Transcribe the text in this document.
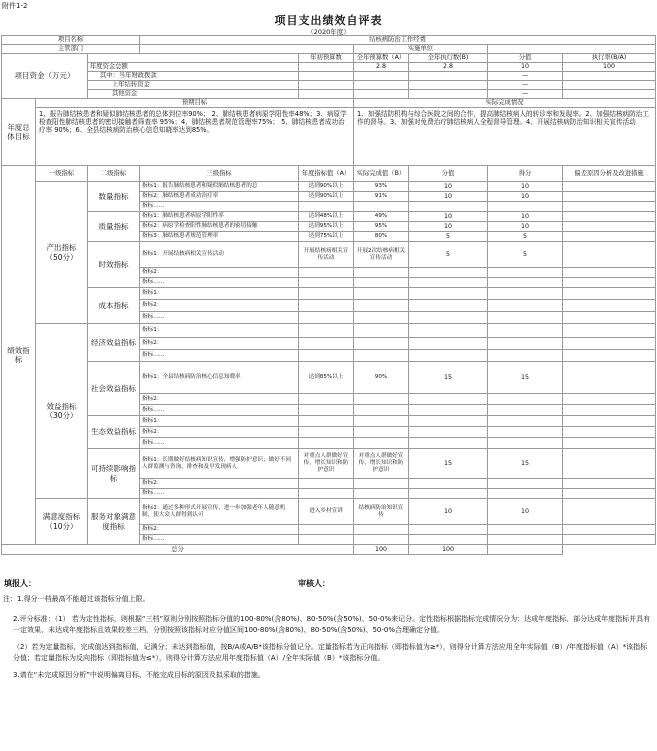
附件1-2
项目支出绩效自评表
（2020年度）
项目名称			结核病防治工作经费					
主管部门					实施单位			
项目资金（万元）				年初预算数	全年预算数（A）	全年执行数(B)	分值	执行率(B/A)
		年度资金总额			2.8	2.8	10	100
		其中：当年财政拨款					—	
		上年结转资金					—	
		其他资金					—	
年度总体目标	预期目标				实际完成情况			
	1、报告肺结核患者和疑似肺结核患者的总体到位率90%； 2、肺结核患者病原学阳性率48%；3、病原学检查阳性肺结核患者的密切接触者筛查率 95%；4、肺结核患者规范管理率75%； 5、肺结核患者成功治疗率 90%；6、全县结核病防治核心信息知晓率达到85%。				1、加强结防机构与综合医院之间的合作，提高肺结核病人的转诊率和发现率。2、加强结核病防治工作的督导。3、加强对免费治疗肺结核病人全程督导管理。4、开展结核病防治知识相关宣传活动			
绩效指标	一级指标	二级指标	三级指标	年度指标值（A）	实际完成值（B）	分值	得分	偏差原因分析及改进措施
	产出指标（50分）	数量指标	指标1：报告肺结核患者和疑似肺结核患者的总	达到90%以上	93%	10	10	
			指标2：肺结核患者成功治疗率	达到90%以上	91%	10	10	
			指标……					
		质量指标	指标1：肺结核患者病原学阳性率	达到48%以上	49%	10	10	
			指标2：病原学检查阳性肺结核患者的密切接触	达到95%以上	95%	10	10	
			指标3：肺结核患者规范管理率	达到75%以上	80%	5	5	
		时效指标	指标1：开展结核病相关宣传活动	开展结核病相关宣传活动	开展2次结核病相关宣传活动	5	5	
			指标2：					
			指标……					
		成本指标	指标1：					
			指标2：					
			指标……					
	效益指标（30分）	经济效益指标	指标1：					
			指标2：					
			指标……					
		社会效益指标	指标1：全县结核病防治核心信息知晓率	达到85%以上	90%	15	15	
			指标2：					
			指标……					
		生态效益指标	指标1：					
			指标2：					
			指标……					
		可持续影响指标	指标1：长期做好结核病知识宣传，增强防护意识；做好不同人群监测与咨询，排查和及早发现病人	对重点人群做好宣传，增长知识和防护意识	对重点人群做好宣传，增长知识和防护意识	15	15	
			指标2：					
			指标……					
	满意度指标（10分）	服务对象满意度指标	指标1：通过多种形式开展宣传，进一步加强老年人随意机制，使大众人群得到认可	进入乡村宣讲	结核病防治知识宣传	10	10	
			指标2：					
			指标……					
总分					100	100		
填报人：	审核人：

注：1.得分一档最高不能超过该指标分值上限。

2.评分标准：（1） 若为定性指标，则根据“三档”原则分别按照指标分值的100-80%(含80%)、80-50%(含50%)、50-0%来记分。定性指标根据指标完成情况分为：达成年度指标、部分达成年度指标并具有一定效果、未达成年度指标且效果较差三档，分别按照该指标对应分值区间100-80%(含80%)、80-50%(含50%)、50-0%合理确定分值。

（2）若为定量指标，完成值达到指标值，记满分；未达到指标值，按B/A或A/B*该指标分值记分。定量指标若为正向指标（即指标值为≥*），则得分计算方法应用全年实际值（B）/年度指标值（A）*该指标分值；若定量指标为反向指标（即指标值为≤*），则得分计算方法应用年度指标值（A）/全年实际值（B）*该指标分值。

3.请在“未完成原因分析”中说明偏离目标、不能完成目标的原因及拟采取的措施。
